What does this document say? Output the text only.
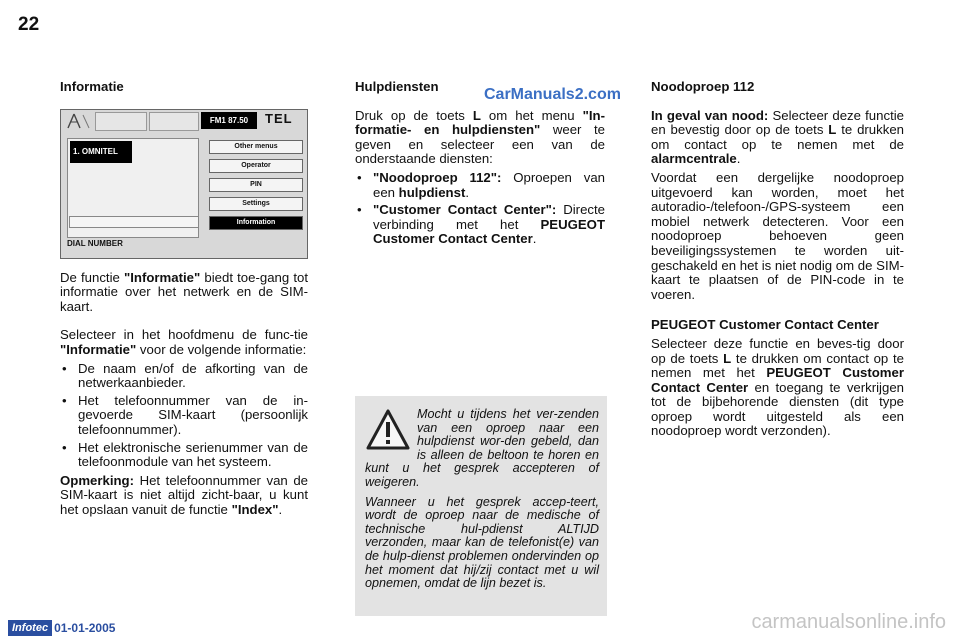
22
CarManuals2.com
Informatie
FM1 87.50	TEL
1. OMNITEL
DIAL NUMBER
Other menus
Operator
PIN
Settings
Information

De functie "Informatie" biedt toe-gang tot informatie over het netwerk en de SIM-kaart.

Selecteer in het hoofdmenu de func-tie "Informatie" voor de volgende informatie:

• De naam en/of de afkorting van de netwerkaanbieder.
• Het telefoonnummer van de in-gevoerde SIM-kaart (persoonlijk telefoonnummer).
• Het elektronische serienummer van de telefoonmodule van het systeem.

Opmerking: Het telefoonnummer van de SIM-kaart is niet altijd zicht-baar, u kunt het opslaan vanuit de functie "Index".

Hulpdiensten

Druk op de toets L om het menu "In-formatie- en hulpdiensten" weer te geven en selecteer een van de onderstaande diensten:

• "Noodoproep 112": Oproepen van een hulpdienst.
• "Customer Contact Center": Directe verbinding met het PEUGEOT Customer Contact Center.

Mocht u tijdens het ver-zenden van een oproep naar een hulpdienst wor-den gebeld, dan is alleen de beltoon te horen en kunt u het gesprek accepteren of weigeren.

Wanneer u het gesprek accep-teert, wordt de oproep naar de medische of technische hul-pdienst ALTIJD verzonden, maar kan de telefonist(e) van de hulp-dienst problemen ondervinden op het moment dat hij/zij contact met u wil opnemen, omdat de lijn bezet is.

Noodoproep 112

In geval van nood: Selecteer deze functie en bevestig door op de toets L te drukken om contact op te nemen met de alarmcentrale.

Voordat een dergelijke noodoproep uitgevoerd kan worden, moet het autoradio-/telefoon-/GPS-systeem een mobiel netwerk detecteren. Voor een noodoproep behoeven geen beveiligingssystemen te worden uit-geschakeld en het is niet nodig om de SIM-kaart te plaatsen of de PIN-code in te voeren.

PEUGEOT Customer Contact Center

Selecteer deze functie en beves-tig door op de toets L te drukken om contact op te nemen met het PEUGEOT Customer Contact Center en toegang te verkrijgen tot de bijbehorende diensten (dit type oproep wordt uitgesteld als een noodoproep wordt verzonden).

Infotec 01-01-2005	carmanualsonline.info
